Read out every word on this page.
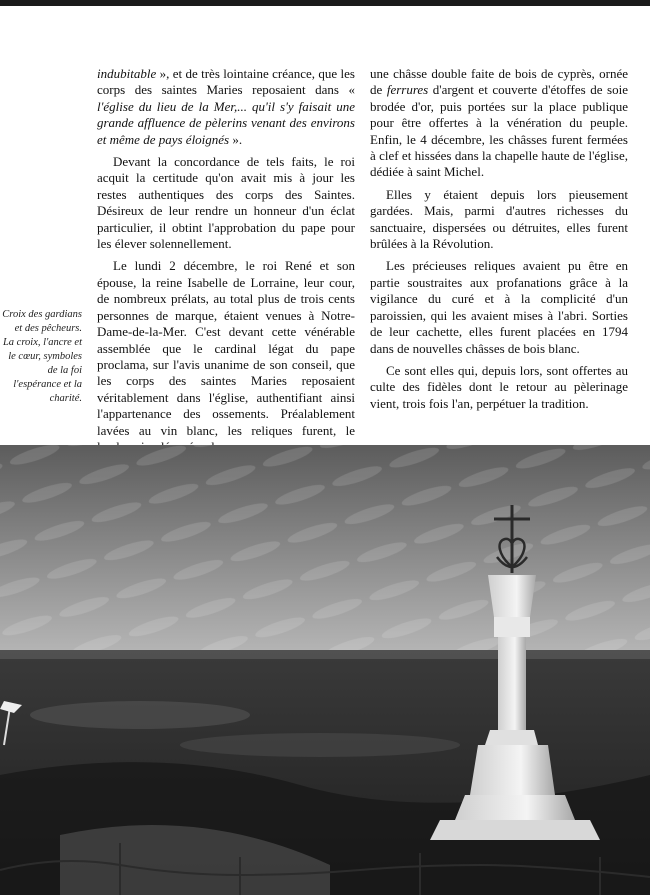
Croix des gardians et des pêcheurs. La croix, l'ancre et le cœur, symboles de la foi l'espérance et la charité.

indubitable », et de très lointaine créance, que les corps des saintes Maries reposaient dans « l'église du lieu de la Mer,... qu'il s'y faisait une grande affluence de pèlerins venant des environs et même de pays éloignés ».

Devant la concordance de tels faits, le roi acquit la certitude qu'on avait mis à jour les restes authentiques des corps des Saintes. Désireux de leur rendre un honneur d'un éclat particulier, il obtint l'approbation du pape pour les élever solennellement.

Le lundi 2 décembre, le roi René et son épouse, la reine Isabelle de Lorraine, leur cour, de nombreux prélats, au total plus de trois cents personnes de marque, étaient venues à Notre-Dame-de-la-Mer. C'est devant cette vénérable assemblée que le cardinal légat du pape proclama, sur l'avis unanime de son conseil, que les corps des saintes Maries reposaient véritablement dans l'église, authentifiant ainsi l'appartenance des ossements. Préalablement lavées au vin blanc, les reliques furent, le

une châsse double faite de bois de cyprès, ornée de ferrures d'argent et couverte d'étoffes de soie brodée d'or, puis portées sur la place publique pour être offertes à la vénération du peuple. Enfin, le 4 décembre, les châsses furent fermées à clef et hissées dans la chapelle haute de l'église, dédiée à saint Michel.

Elles y étaient depuis lors pieusement gardées. Mais, parmi d'autres richesses du sanctuaire, dispersées ou détruites, elles furent brûlées à la Révolution.

Les précieuses reliques avaient pu être en partie soustraites aux profanations grâce à la vigilance du curé et à la complicité d'un paroissien, qui les avaient mises à l'abri. Sorties de leur cachette, elles furent placées en 1794 dans de nouvelles châsses de bois blanc.

Ce sont elles qui, depuis lors, sont offertes au culte des fidèles dont le retour au pèlerinage vient, trois fois l'an, perpétuer la tradition.
